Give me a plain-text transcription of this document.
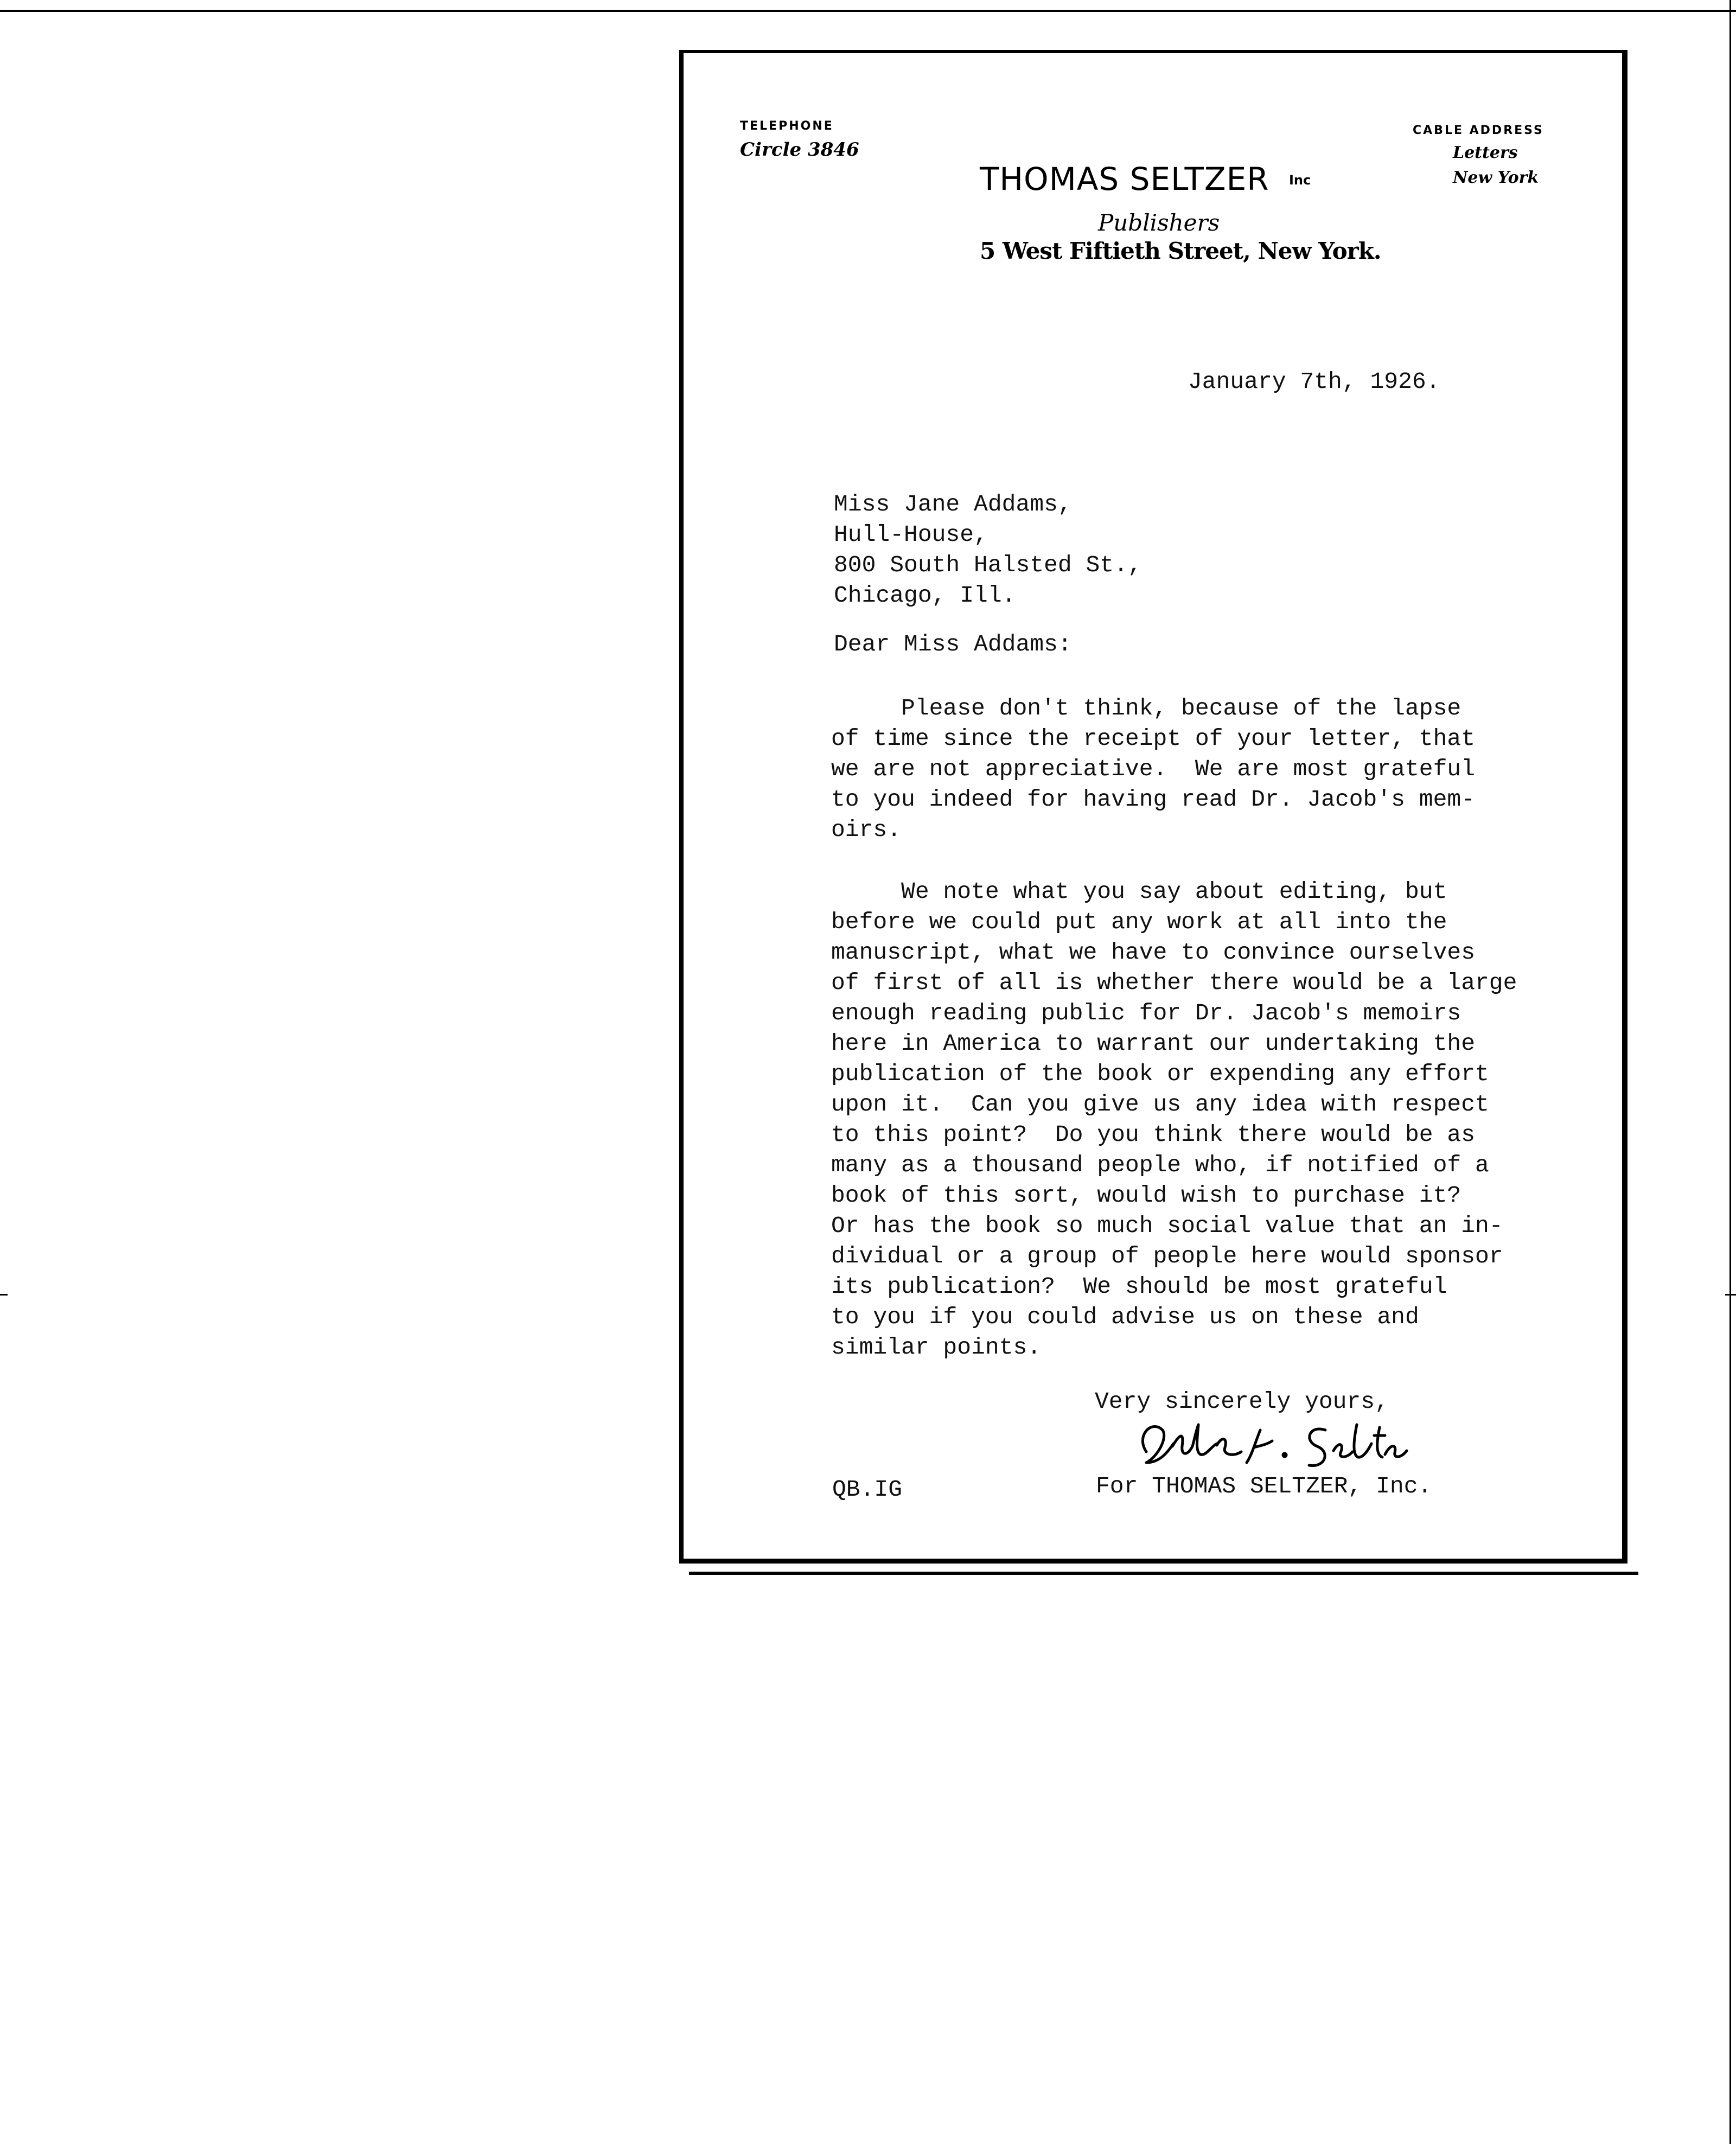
TELEPHONE
Circle 3846
CABLE ADDRESS
Letters
New York
THOMAS SELTZER Inc
Publishers
5 West Fiftieth Street, New York.
January 7th, 1926.
Miss Jane Addams,
Hull-House,
800 South Halsted St.,
Chicago, Ill.
Dear Miss Addams:
Please don't think, because of the lapse
of time since the receipt of your letter, that
we are not appreciative.  We are most grateful
to you indeed for having read Dr. Jacob's mem-
oirs.
We note what you say about editing, but
before we could put any work at all into the
manuscript, what we have to convince ourselves
of first of all is whether there would be a large
enough reading public for Dr. Jacob's memoirs
here in America to warrant our undertaking the
publication of the book or expending any effort
upon it.  Can you give us any idea with respect
to this point?  Do you think there would be as
many as a thousand people who, if notified of a
book of this sort, would wish to purchase it?
Or has the book so much social value that an in-
dividual or a group of people here would sponsor
its publication?  We should be most grateful
to you if you could advise us on these and
similar points.
Very sincerely yours,
QB.IG	For THOMAS SELTZER, Inc.
